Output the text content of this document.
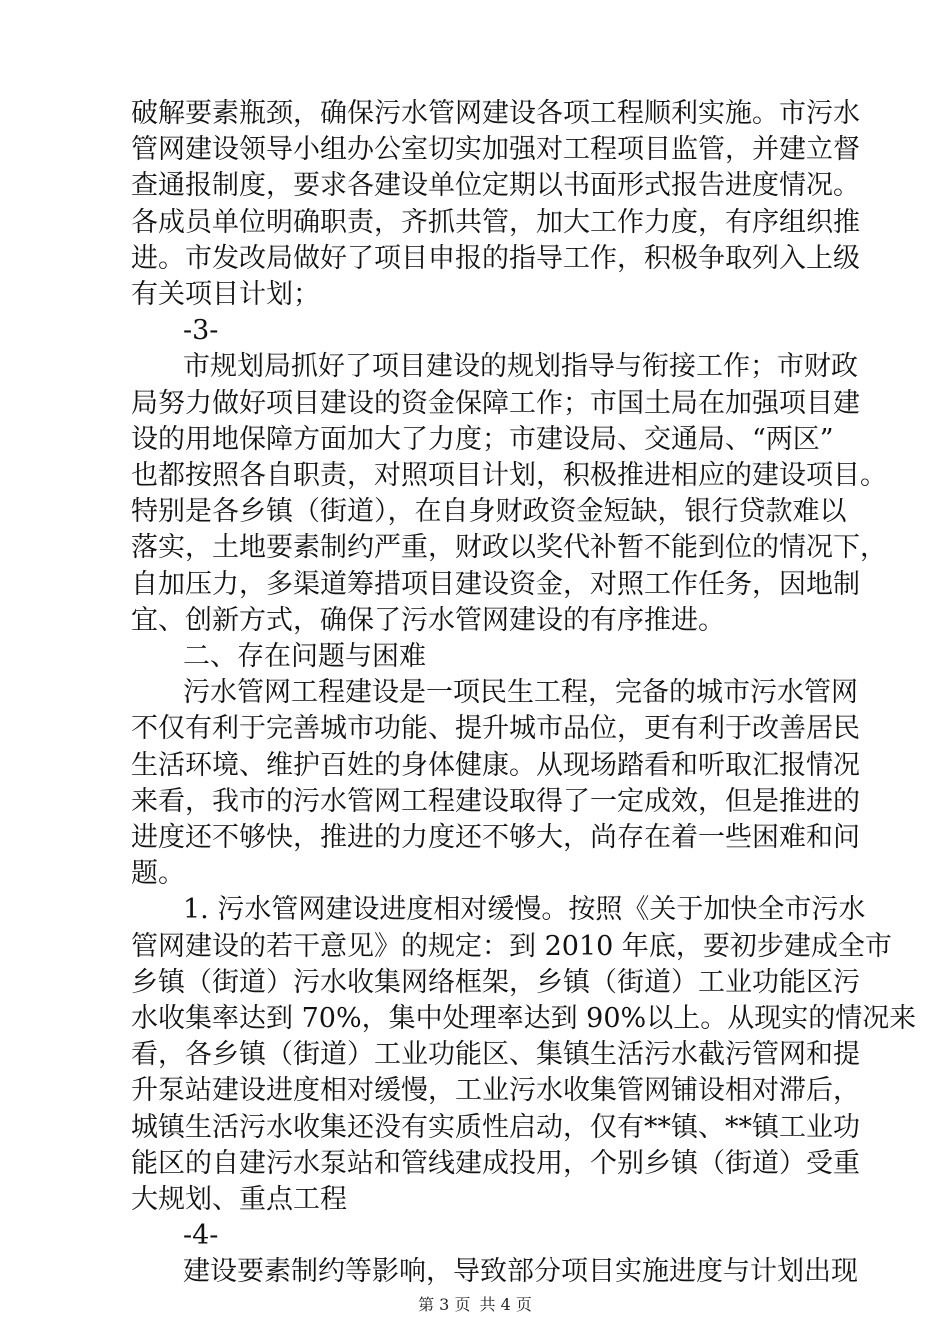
破解要素瓶颈，确保污水管网建设各项工程顺利实施。市污水
管网建设领导小组办公室切实加强对工程项目监管，并建立督
查通报制度，要求各建设单位定期以书面形式报告进度情况。
各成员单位明确职责，齐抓共管，加大工作力度，有序组织推
进。市发改局做好了项目申报的指导工作，积极争取列入上级
有关项目计划；
-3-
市规划局抓好了项目建设的规划指导与衔接工作；市财政
局努力做好项目建设的资金保障工作；市国土局在加强项目建
设的用地保障方面加大了力度；市建设局、交通局、“两区”
也都按照各自职责，对照项目计划，积极推进相应的建设项目。
特别是各乡镇（街道），在自身财政资金短缺，银行贷款难以
落实，土地要素制约严重，财政以奖代补暂不能到位的情况下，
自加压力，多渠道筹措项目建设资金，对照工作任务，因地制
宜、创新方式，确保了污水管网建设的有序推进。
二、存在问题与困难
污水管网工程建设是一项民生工程，完备的城市污水管网
不仅有利于完善城市功能、提升城市品位，更有利于改善居民
生活环境、维护百姓的身体健康。从现场踏看和听取汇报情况
来看，我市的污水管网工程建设取得了一定成效，但是推进的
进度还不够快，推进的力度还不够大，尚存在着一些困难和问
题。
1. 污水管网建设进度相对缓慢。按照《关于加快全市污水
管网建设的若干意见》的规定：到 2010 年底，要初步建成全市
乡镇（街道）污水收集网络框架，乡镇（街道）工业功能区污
水收集率达到 70%，集中处理率达到 90%以上。从现实的情况来
看，各乡镇（街道）工业功能区、集镇生活污水截污管网和提
升泵站建设进度相对缓慢，工业污水收集管网铺设相对滞后，
城镇生活污水收集还没有实质性启动，仅有**镇、**镇工业功
能区的自建污水泵站和管线建成投用，个别乡镇（街道）受重
大规划、重点工程
-4-
建设要素制约等影响，导致部分项目实施进度与计划出现
第 3 页 共 4 页
